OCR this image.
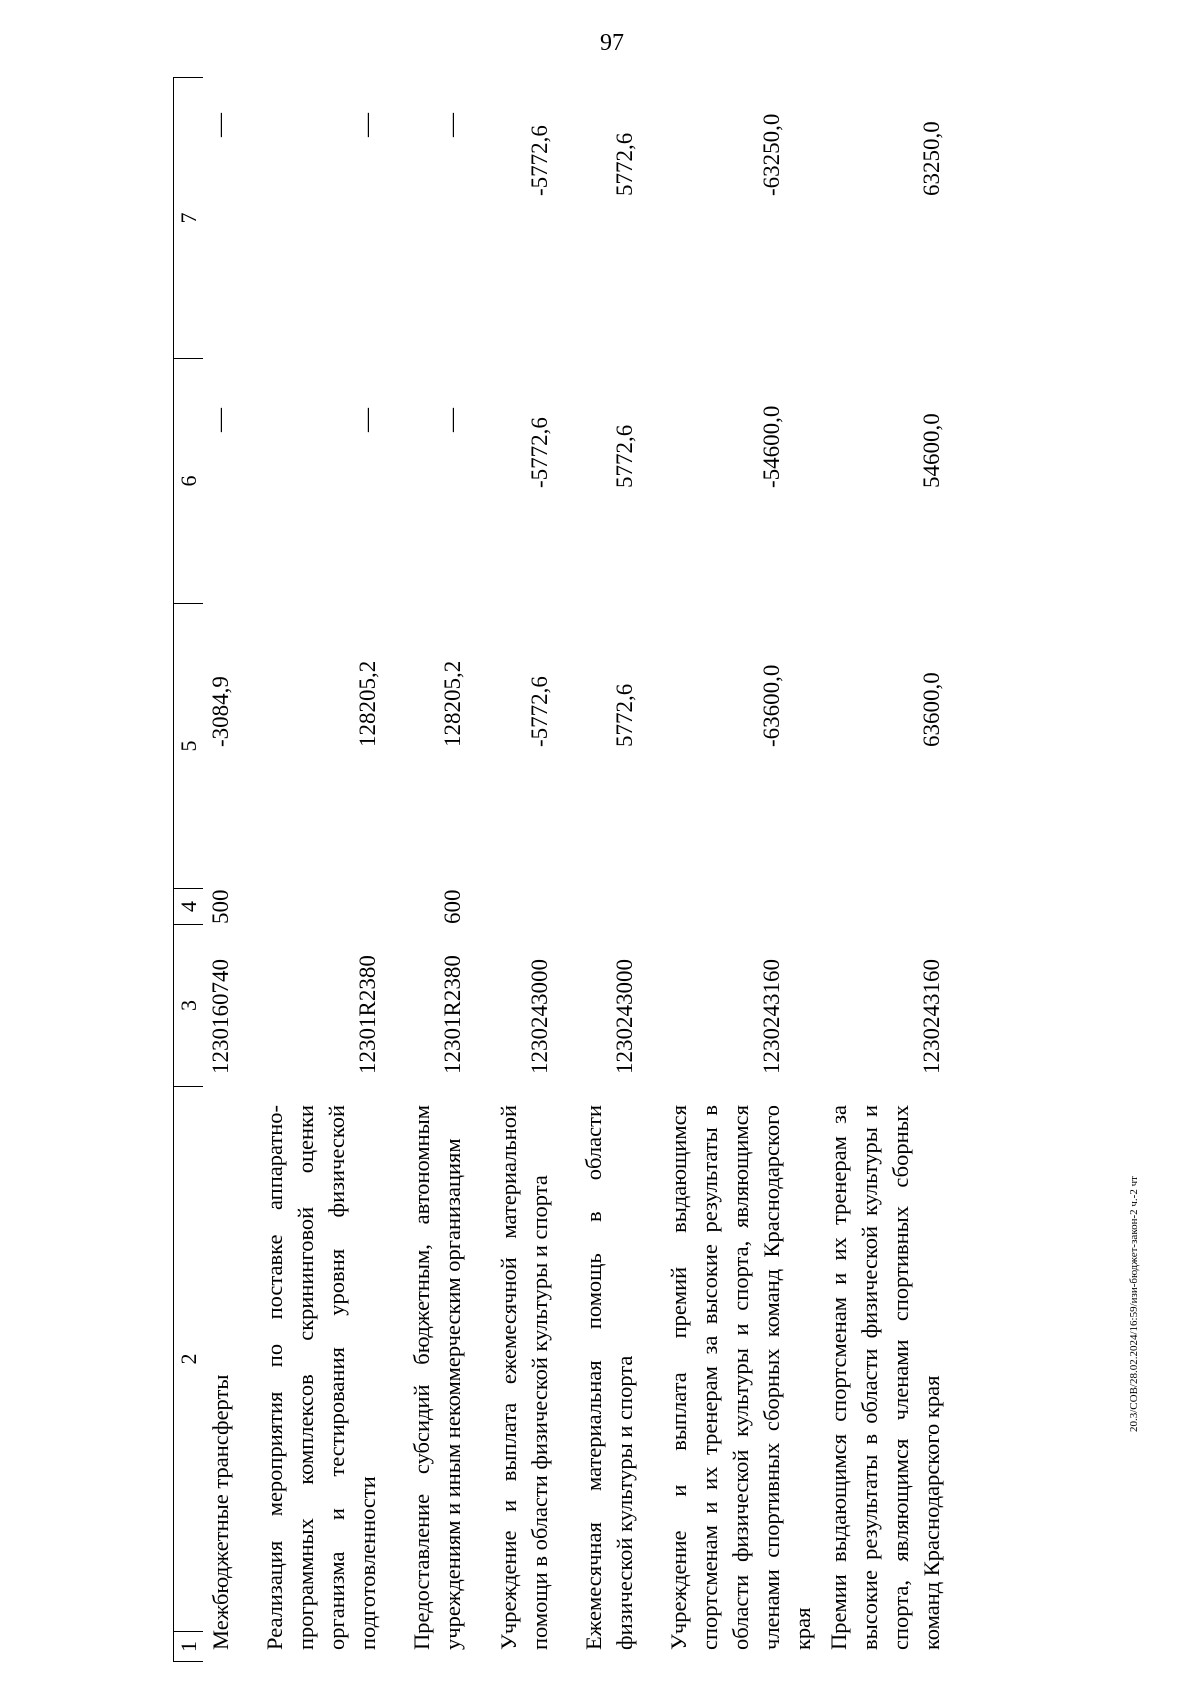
97
20.3/СОВ/28.02.2024/16:59/изи-бюджет-закон-2 ч.-2 чт
1
2
3
4
5
6
7
Межбюджетные трансферты
1230160740
500
-3084,9
—
—
Реализация мероприятия по поставке аппаратно-программных комплексов скрининговой оценки организма и тестирования уровня физической подготовленности
12301R2380
128205,2
—
—
Предоставление субсидий бюджетным, автономным учреждениям и иным некоммерческим организациям
12301R2380
600
128205,2
—
—
Учреждение и выплата ежемесячной материальной помощи в области физической культуры и спорта
1230243000
-5772,6
-5772,6
-5772,6
Ежемесячная материальная помощь в области физической культуры и спорта
1230243000
5772,6
5772,6
5772,6
Учреждение и выплата премий выдающимся спортсменам и их тренерам за высокие результаты в области физической культуры и спорта, являющимся членами спортивных сборных команд Краснодарского края
1230243160
-63600,0
-54600,0
-63250,0
Премии выдающимся спортсменам и их тренерам за высокие результаты в области физической культуры и спорта, являющимся членами спортивных сборных команд Краснодарского края
1230243160
63600,0
54600,0
63250,0
